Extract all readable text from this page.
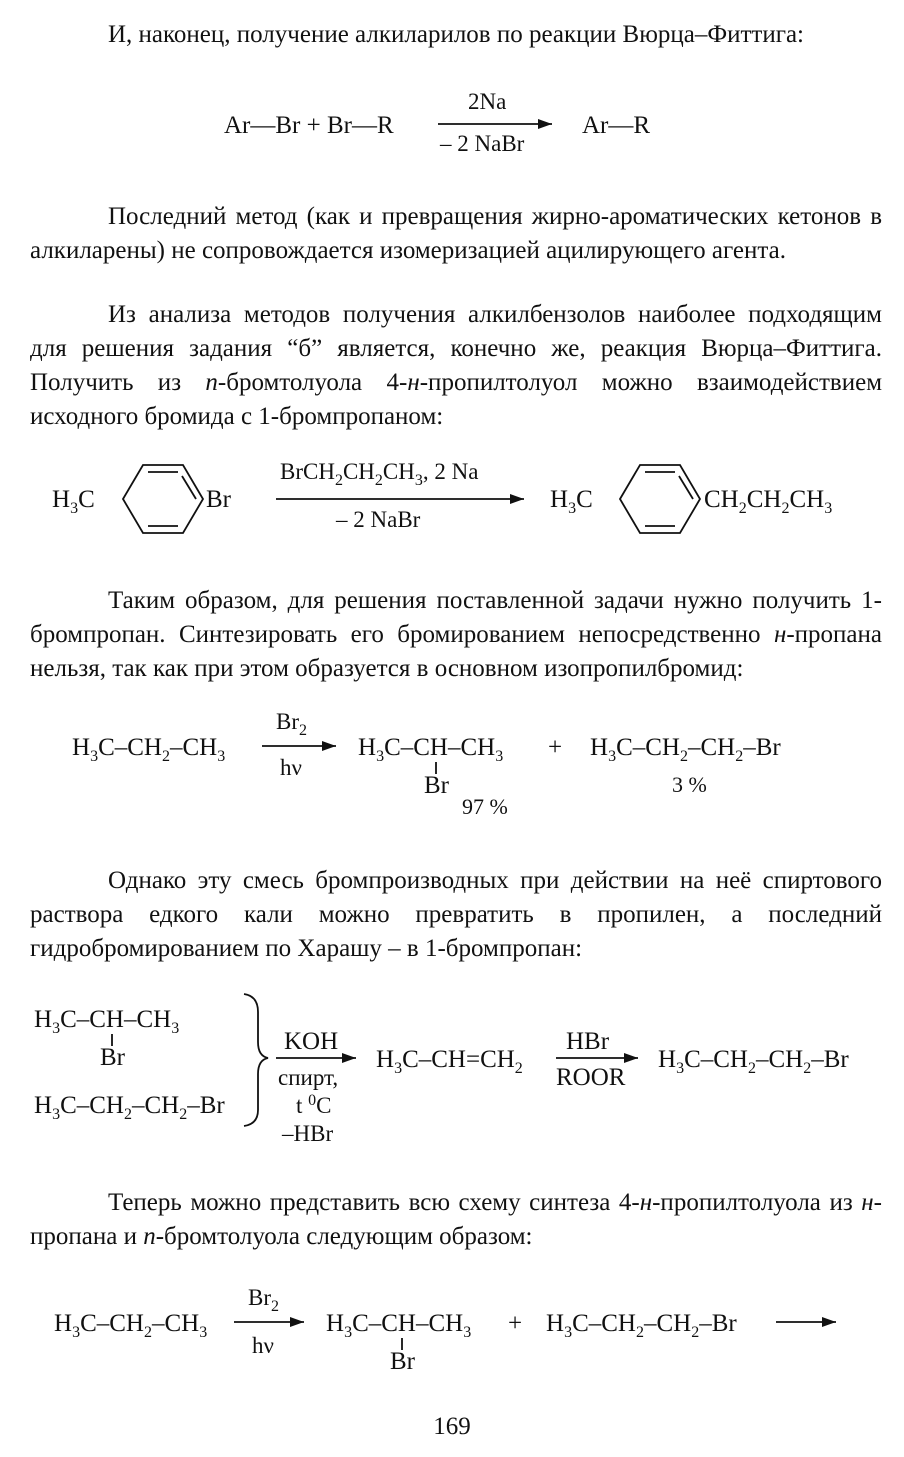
И, наконец, получение алкиларилов по реакции Вюрца–Фиттига:
Ar—Br + Br—R
2Na
– 2 NaBr
Ar—R
Последний метод (как и превращения жирно-ароматических кетонов в алкиларены) не сопровождается изомеризацией ацилирующего агента.
Из анализа методов получения алкилбензолов наиболее подходящим для решения задания “б” является, конечно же, реакция Вюрца–Фиттига. Получить из п-бромтолуола 4-н-пропилтолуол можно взаимодействием исходного бромида с 1-бромпропаном:
$H_3C$	Br
$BrCH_2CH_2CH_3$, 2 Na
– 2 NaBr
$H_3C$	$CH_2CH_2CH_3$
Таким образом, для решения поставленной задачи нужно получить 1-бромпропан. Синтезировать его бромированием непосредственно н-пропана нельзя, так как при этом образуется в основном изопропилбромид:
$H_3C-CH_2-CH_3$
$Br_2$
hν
$H_3C-CH-CH_3$
Br
97 %
+ $H_3C-CH_2-CH_2-Br$
3 %
Однако эту смесь бромпроизводных при действии на неё спиртового раствора едкого кали можно превратить в пропилен, а последний гидробромированием по Харашу – в 1-бромпропан:
$H_3C-CH-CH_3$
Br
$H_3C-CH_2-CH_2-Br$
KOH
спирт,
t $^0$C
–HBr
$H_3C-CH=CH_2$
HBr
ROOR
$H_3C-CH_2-CH_2-Br$
Теперь можно представить всю схему синтеза 4-н-пропилтолуола из н-пропана и п-бромтолуола следующим образом:
$H_3C-CH_2-CH_3$
$Br_2$
hν
$H_3C-CH-CH_3$
Br
+ $H_3C-CH_2-CH_2-Br$
169
